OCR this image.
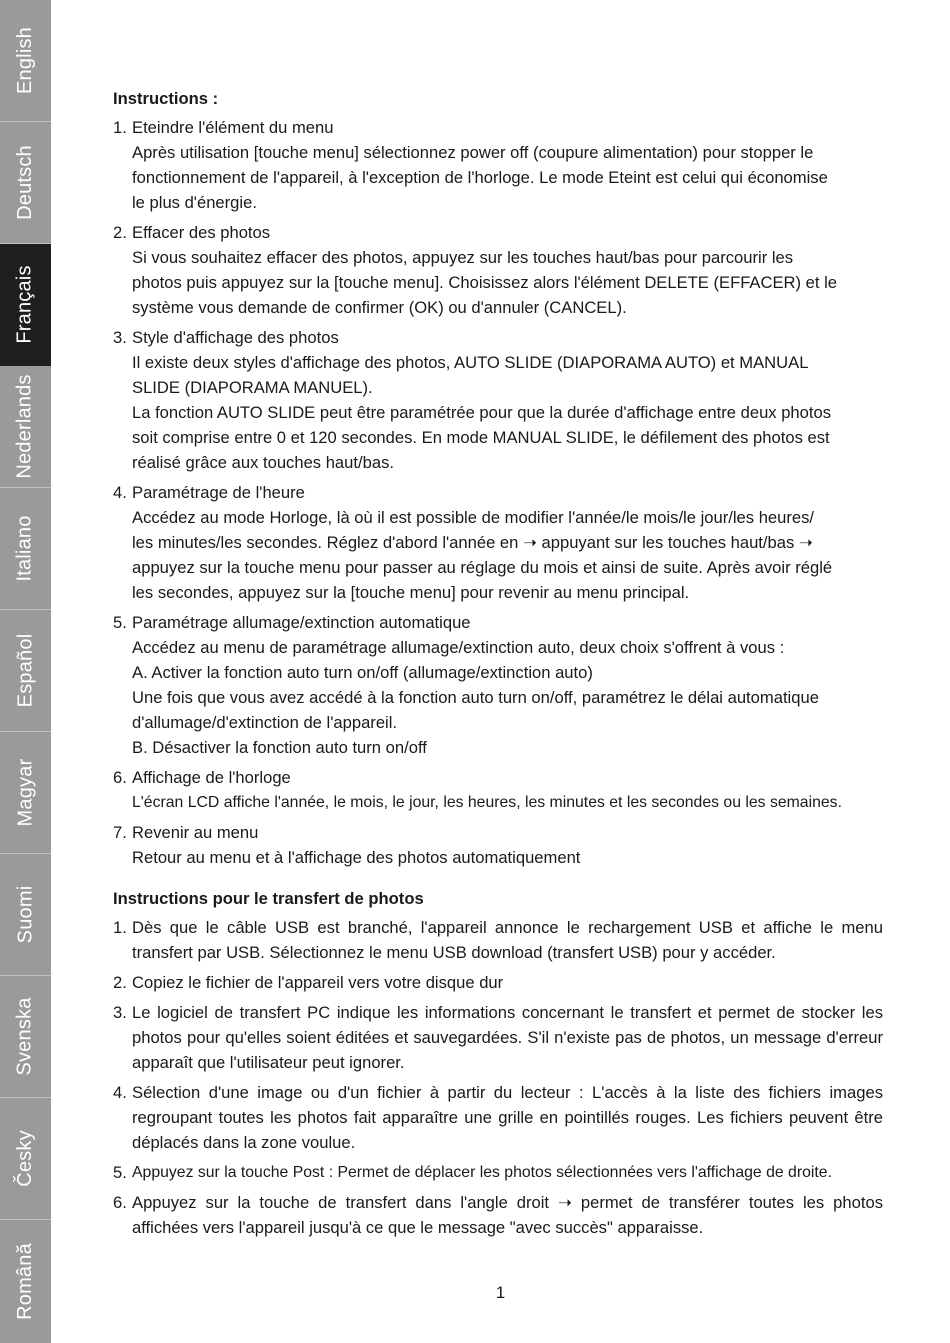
English
Deutsch
Français
Nederlands
Italiano
Español
Magyar
Suomi
Svenska
Česky
Română
Instructions :
1. Eteindre l'élément du menu
Après utilisation [touche menu] sélectionnez power off (coupure alimentation) pour stopper le
fonctionnement de l'appareil, à l'exception de l'horloge. Le mode Eteint est celui qui économise
le plus d'énergie.
2. Effacer des photos
Si vous souhaitez effacer des photos, appuyez sur les touches haut/bas pour parcourir les
photos puis appuyez sur la [touche menu]. Choisissez alors l'élément DELETE (EFFACER) et le
système vous demande de confirmer (OK) ou d'annuler (CANCEL).
3. Style d'affichage des photos
Il existe deux styles d'affichage des photos, AUTO SLIDE (DIAPORAMA AUTO) et MANUAL
SLIDE (DIAPORAMA MANUEL).
La fonction AUTO SLIDE peut être paramétrée pour que la durée d'affichage entre deux photos
soit comprise entre 0 et 120 secondes. En mode MANUAL SLIDE, le défilement des photos est
réalisé grâce aux touches haut/bas.
4. Paramétrage de l'heure
Accédez au mode Horloge, là où il est possible de modifier l'année/le mois/le jour/les heures/
les minutes/les secondes. Réglez d'abord l'année en ➝ appuyant sur les touches haut/bas ➝
appuyez sur la touche menu pour passer au réglage du mois et ainsi de suite. Après avoir réglé
les secondes, appuyez sur la [touche menu] pour revenir au menu principal.
5. Paramétrage allumage/extinction automatique
Accédez au menu de paramétrage allumage/extinction auto, deux choix s'offrent à vous :
A. Activer la fonction auto turn on/off (allumage/extinction auto)
Une fois que vous avez accédé à la fonction auto turn on/off, paramétrez le délai automatique
d'allumage/d'extinction de l'appareil.
B. Désactiver la fonction auto turn on/off
6. Affichage de l'horloge
L'écran LCD affiche l'année, le mois, le jour, les heures, les minutes et les secondes ou les semaines.
7. Revenir au menu
Retour au menu et à l'affichage des photos automatiquement
Instructions pour le transfert de photos
1. Dès que le câble USB est branché, l'appareil annonce le rechargement USB et affiche le menu transfert par USB. Sélectionnez le menu USB download (transfert USB) pour y accéder.
2. Copiez le fichier de l'appareil vers votre disque dur
3. Le logiciel de transfert PC indique les informations concernant le transfert et permet de stocker les photos pour qu'elles soient éditées et sauvegardées. S'il n'existe pas de photos, un message d'erreur apparaît que l'utilisateur peut ignorer.
4. Sélection d'une image ou d'un fichier à partir du lecteur : L'accès à la liste des fichiers images regroupant toutes les photos fait apparaître une grille en pointillés rouges. Les fichiers peuvent être déplacés dans la zone voulue.
5. Appuyez sur la touche Post : Permet de déplacer les photos sélectionnées vers l'affichage de droite.
6. Appuyez sur la touche de transfert dans l'angle droit ➝ permet de transférer toutes les photos affichées vers l'appareil jusqu'à ce que le message "avec succès" apparaisse.
1
